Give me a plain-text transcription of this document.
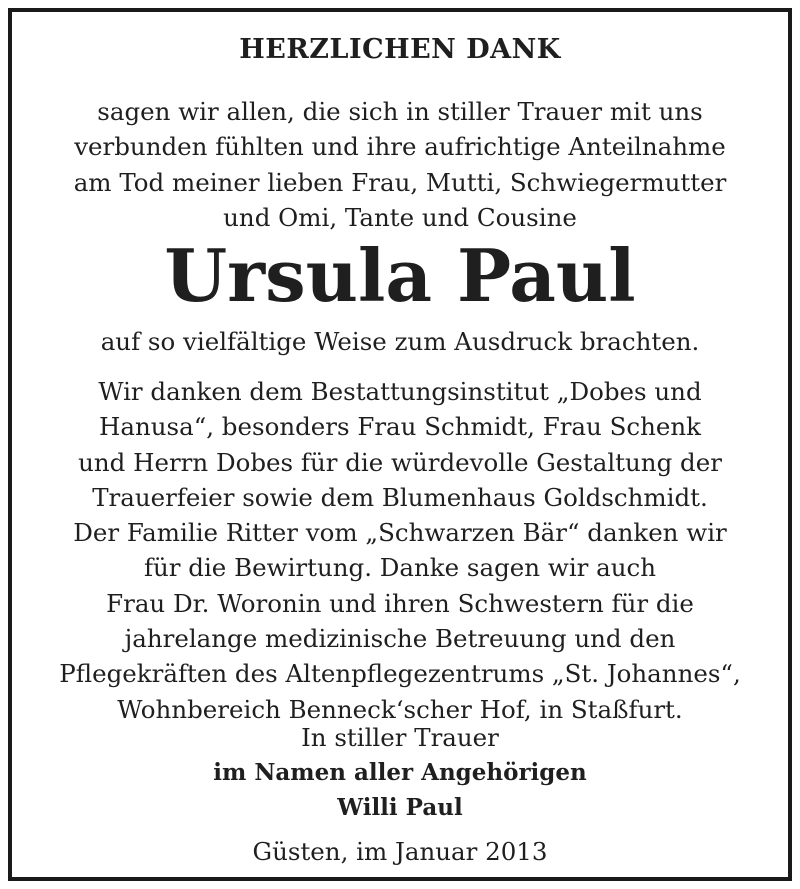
HERZLICHEN DANK
sagen wir allen, die sich in stiller Trauer mit uns
verbunden fühlten und ihre aufrichtige Anteilnahme
am Tod meiner lieben Frau, Mutti, Schwiegermutter
und Omi, Tante und Cousine
Ursula Paul
auf so vielfältige Weise zum Ausdruck brachten.
Wir danken dem Bestattungsinstitut „Dobes und
Hanusa“, besonders Frau Schmidt, Frau Schenk
und Herrn Dobes für die würdevolle Gestaltung der
Trauerfeier sowie dem Blumenhaus Goldschmidt.
Der Familie Ritter vom „Schwarzen Bär“ danken wir
für die Bewirtung. Danke sagen wir auch
Frau Dr. Woronin und ihren Schwestern für die
jahrelange medizinische Betreuung und den
Pflegekräften des Altenpflegezentrums „St. Johannes“,
Wohnbereich Benneck‘scher Hof, in Staßfurt.
In stiller Trauer
im Namen aller Angehörigen
Willi Paul
Güsten, im Januar 2013
